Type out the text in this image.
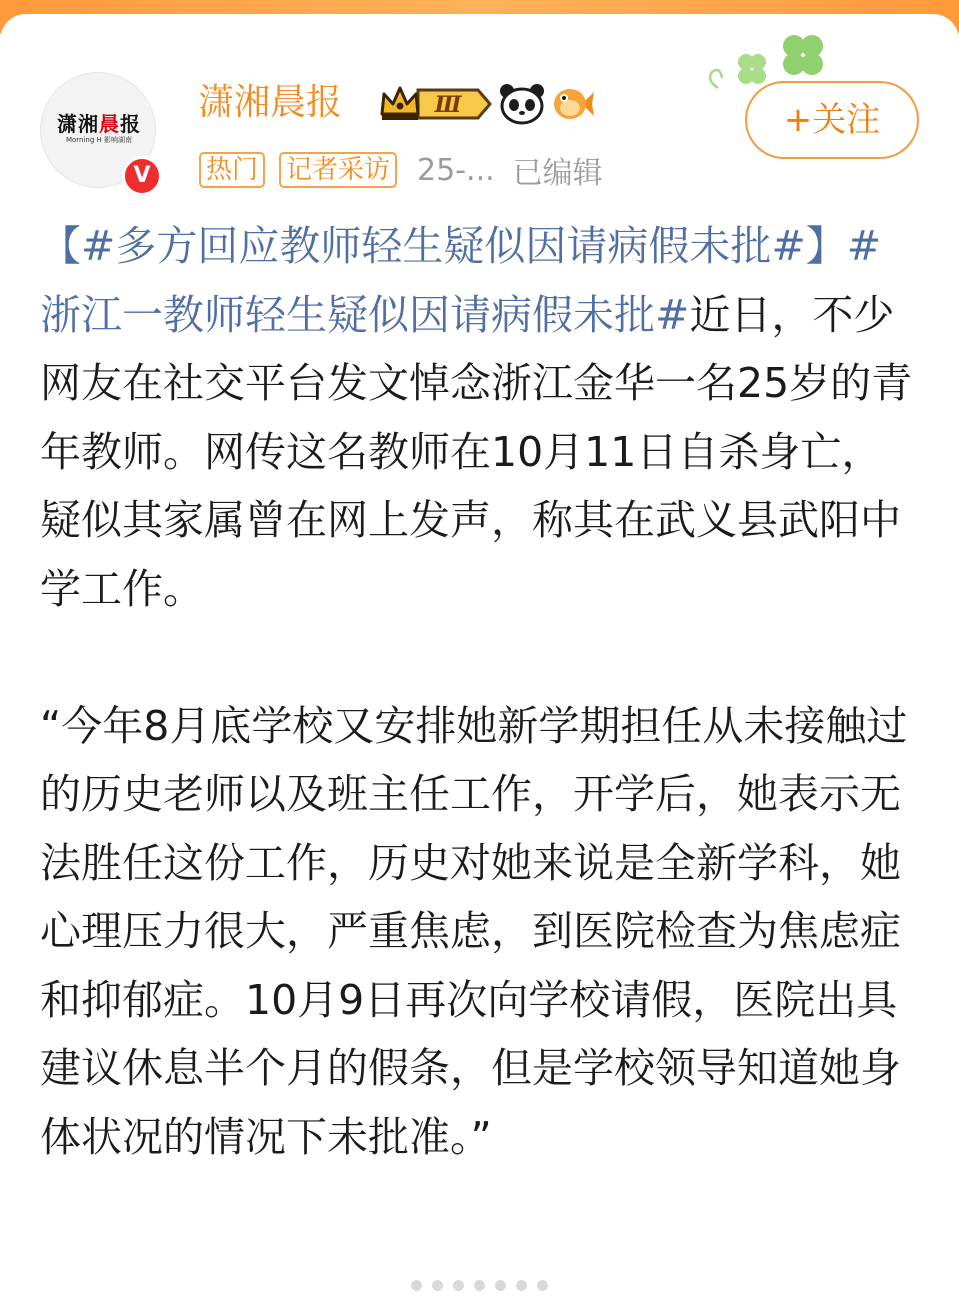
潇湘晨报
Morning H 影响湖南
V
潇湘晨报	Ⅲ
热门 记者采访 25-... 已编辑
+关注
【#多方回应教师轻生疑似因请病假未批#】#浙江一教师轻生疑似因请病假未批#近日，不少网友在社交平台发文悼念浙江金华一名25岁的青年教师。网传这名教师在10月11日自杀身亡，疑似其家属曾在网上发声，称其在武义县武阳中学工作。
“今年8月底学校又安排她新学期担任从未接触过的历史老师以及班主任工作，开学后，她表示无法胜任这份工作，历史对她来说是全新学科，她心理压力很大，严重焦虑，到医院检查为焦虑症和抑郁症。10月9日再次向学校请假，医院出具建议休息半个月的假条，但是学校领导知道她身体状况的情况下未批准。”
